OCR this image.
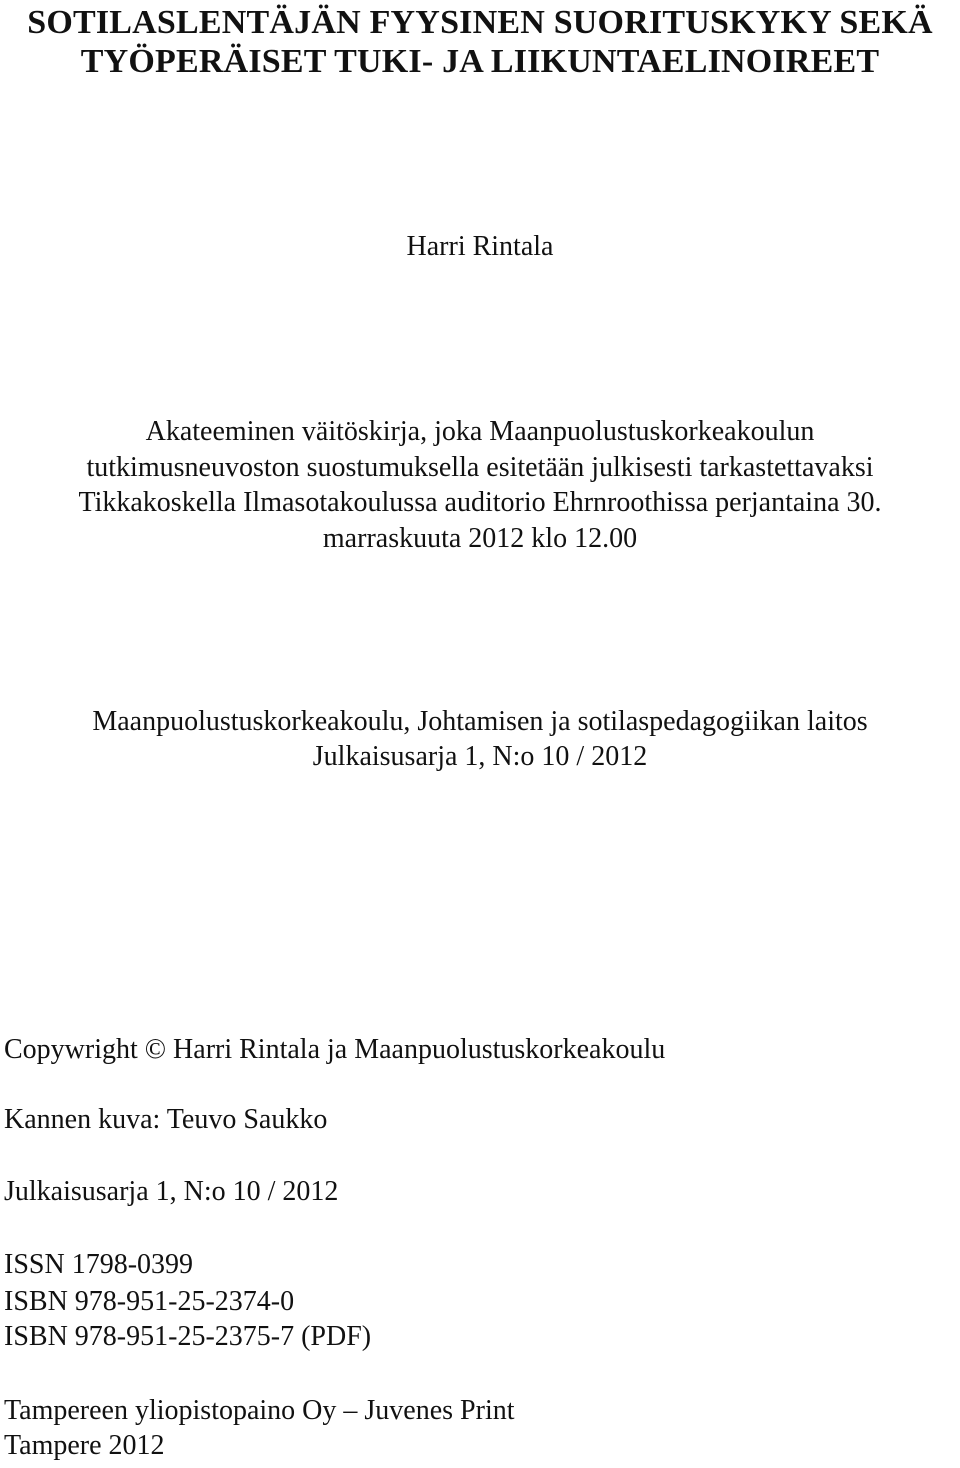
SOTILASLENTÄJÄN FYYSINEN SUORITUSKYKY SEKÄ
TYÖPERÄISET TUKI- JA LIIKUNTAELINOIREET

Harri Rintala

Akateeminen väitöskirja, joka Maanpuolustuskorkeakoulun

tutkimusneuvoston suostumuksella esitetään julkisesti tarkastettavaksi

Tikkakoskella Ilmasotakoulussa auditorio Ehrnroothissa perjantaina 30.

marraskuuta 2012 klo 12.00

Maanpuolustuskorkeakoulu, Johtamisen ja sotilaspedagogiikan laitos

Julkaisusarja 1, N:o 10 / 2012

Copywright © Harri Rintala ja Maanpuolustuskorkeakoulu

Kannen kuva: Teuvo Saukko

Julkaisusarja 1, N:o 10 / 2012

ISSN 1798-0399

ISBN 978-951-25-2374-0

ISBN 978-951-25-2375-7 (PDF)

Tampereen yliopistopaino Oy – Juvenes Print

Tampere 2012
